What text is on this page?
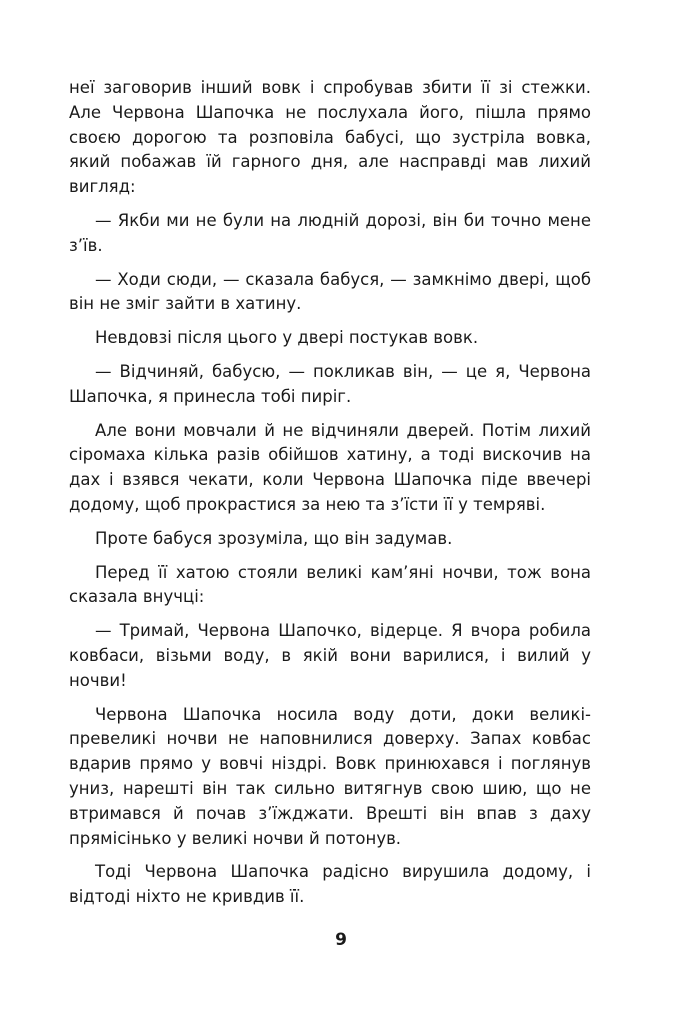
неї заговорив інший вовк і спробував збити її зі стежки. Але Червона Шапочка не послухала його, пішла прямо своєю дорогою та розповіла бабусі, що зустріла вовка, який побажав їй гарного дня, але насправді мав лихий вигляд:

— Якби ми не були на людній дорозі, він би точно мене з’їв.

— Ходи сюди, — сказала бабуся, — замкнімо двері, щоб він не зміг зайти в хатину.

Невдовзі після цього у двері постукав вовк.

— Відчиняй, бабусю, — покликав він, — це я, Червона Шапочка, я принесла тобі пиріг.

Але вони мовчали й не відчиняли дверей. Потім лихий сіромаха кілька разів обійшов хатину, а тоді вискочив на дах і взявся чекати, коли Червона Шапочка піде ввечері додому, щоб прокрастися за нею та з’їсти її у темряві.

Проте бабуся зрозуміла, що він задумав.

Перед її хатою стояли великі кам’яні ночви, тож вона сказала внучці:

— Тримай, Червона Шапочко, відерце. Я вчора робила ковбаси, візьми воду, в якій вони варилися, і вилий у ночви!

Червона Шапочка носила воду доти, доки великі-превеликі ночви не наповнилися доверху. Запах ковбас вдарив прямо у вовчі ніздрі. Вовк принюхався і поглянув униз, нарешті він так сильно витягнув свою шию, що не втримався й почав з’їжджати. Врешті він впав з даху прямісінько у великі ночви й потонув.

Тоді Червона Шапочка радісно вирушила додому, і відтоді ніхто не кривдив її.

9
